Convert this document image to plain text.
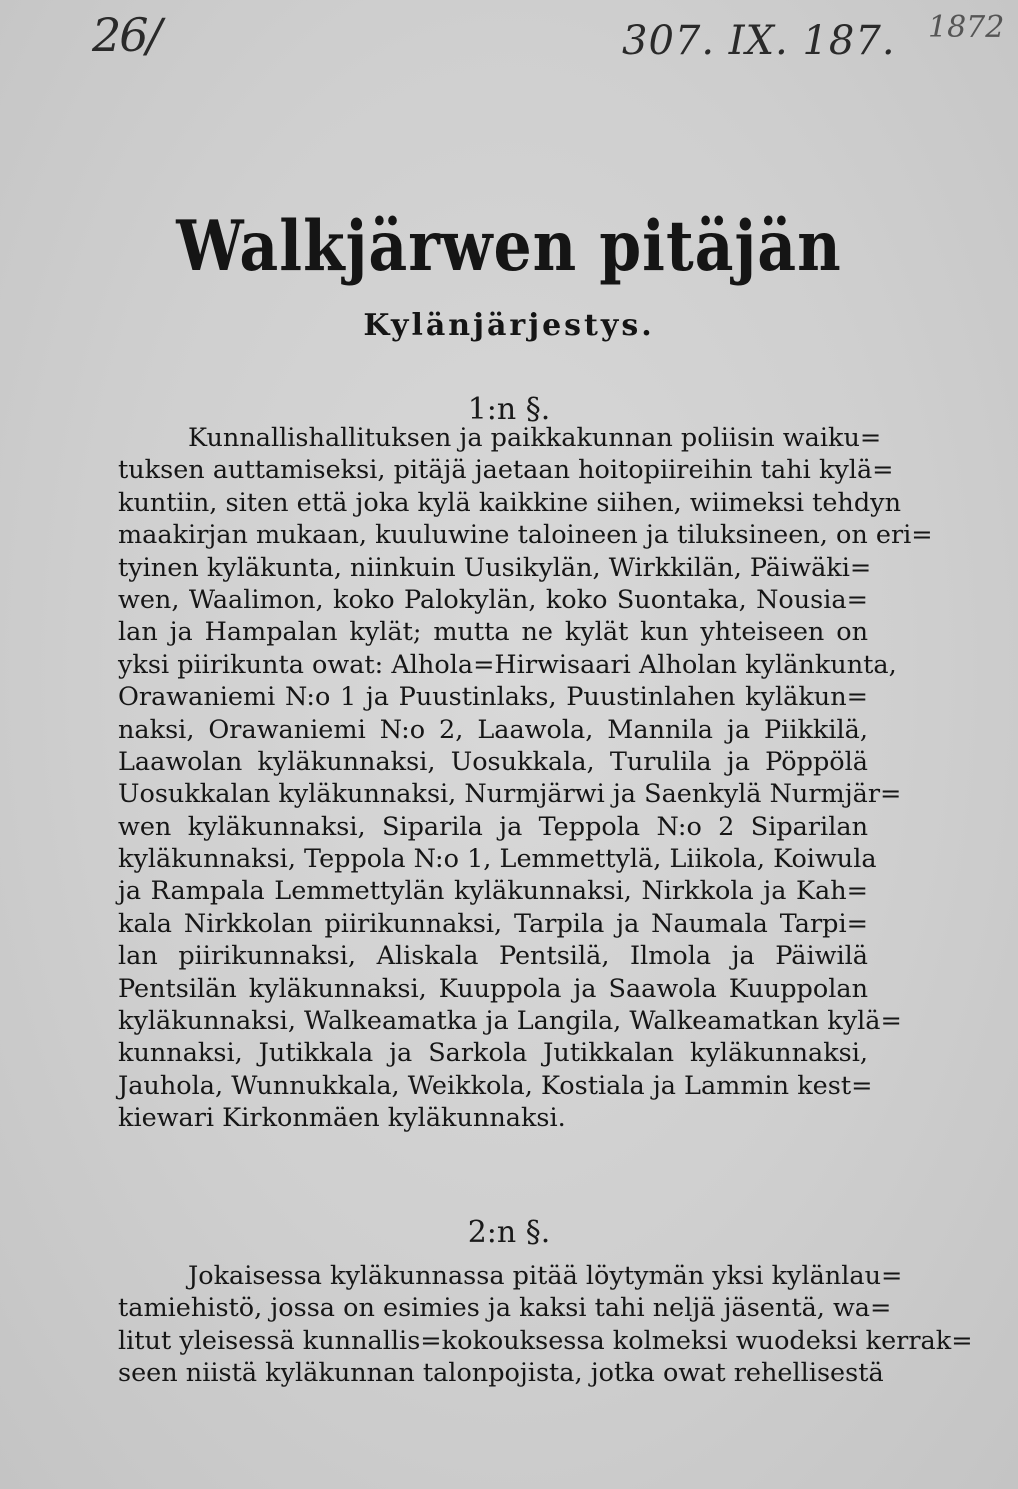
26/	307. IX. 187. 1872
Walkjärwen pitäjän
Kylänjärjestys.
1:n §.
Kunnallishallituksen ja paikkakunnan poliisin waiku=
tuksen auttamiseksi, pitäjä jaetaan hoitopiireihin tahi kylä=
kuntiin, siten että joka kylä kaikkine siihen, wiimeksi tehdyn
maakirjan mukaan, kuuluwine taloineen ja tiluksineen, on eri=
tyinen kyläkunta, niinkuin Uusikylän, Wirkkilän, Päiwäki=
wen, Waalimon, koko Palokylän, koko Suontaka, Nousia=
lan ja Hampalan kylät; mutta ne kylät kun yhteiseen on
yksi piirikunta owat: Alhola=Hirwisaari Alholan kylänkunta,
Orawaniemi N:o 1 ja Puustinlaks, Puustinlahen kyläkun=
naksi, Orawaniemi N:o 2, Laawola, Mannila ja Piikkilä,
Laawolan kyläkunnaksi, Uosukkala, Turulila ja Pöppölä
Uosukkalan kyläkunnaksi, Nurmjärwi ja Saenkylä Nurmjär=
wen kyläkunnaksi, Siparila ja Teppola N:o 2 Siparilan
kyläkunnaksi, Teppola N:o 1, Lemmettylä, Liikola, Koiwula
ja Rampala Lemmettylän kyläkunnaksi, Nirkkola ja Kah=
kala Nirkkolan piirikunnaksi, Tarpila ja Naumala Tarpi=
lan piirikunnaksi, Aliskala Pentsilä, Ilmola ja Päiwilä
Pentsilän kyläkunnaksi, Kuuppola ja Saawola Kuuppolan
kyläkunnaksi, Walkeamatka ja Langila, Walkeamatkan kylä=
kunnaksi, Jutikkala ja Sarkola Jutikkalan kyläkunnaksi,
Jauhola, Wunnukkala, Weikkola, Kostiala ja Lammin kest=
kiewari Kirkonmäen kyläkunnaksi.
2:n §.
Jokaisessa kyläkunnassa pitää löytymän yksi kylänlau=
tamiehistö, jossa on esimies ja kaksi tahi neljä jäsentä, wa=
litut yleisessä kunnallis=kokouksessa kolmeksi wuodeksi kerrak=
seen niistä kyläkunnan talonpojista, jotka owat rehellisestä
